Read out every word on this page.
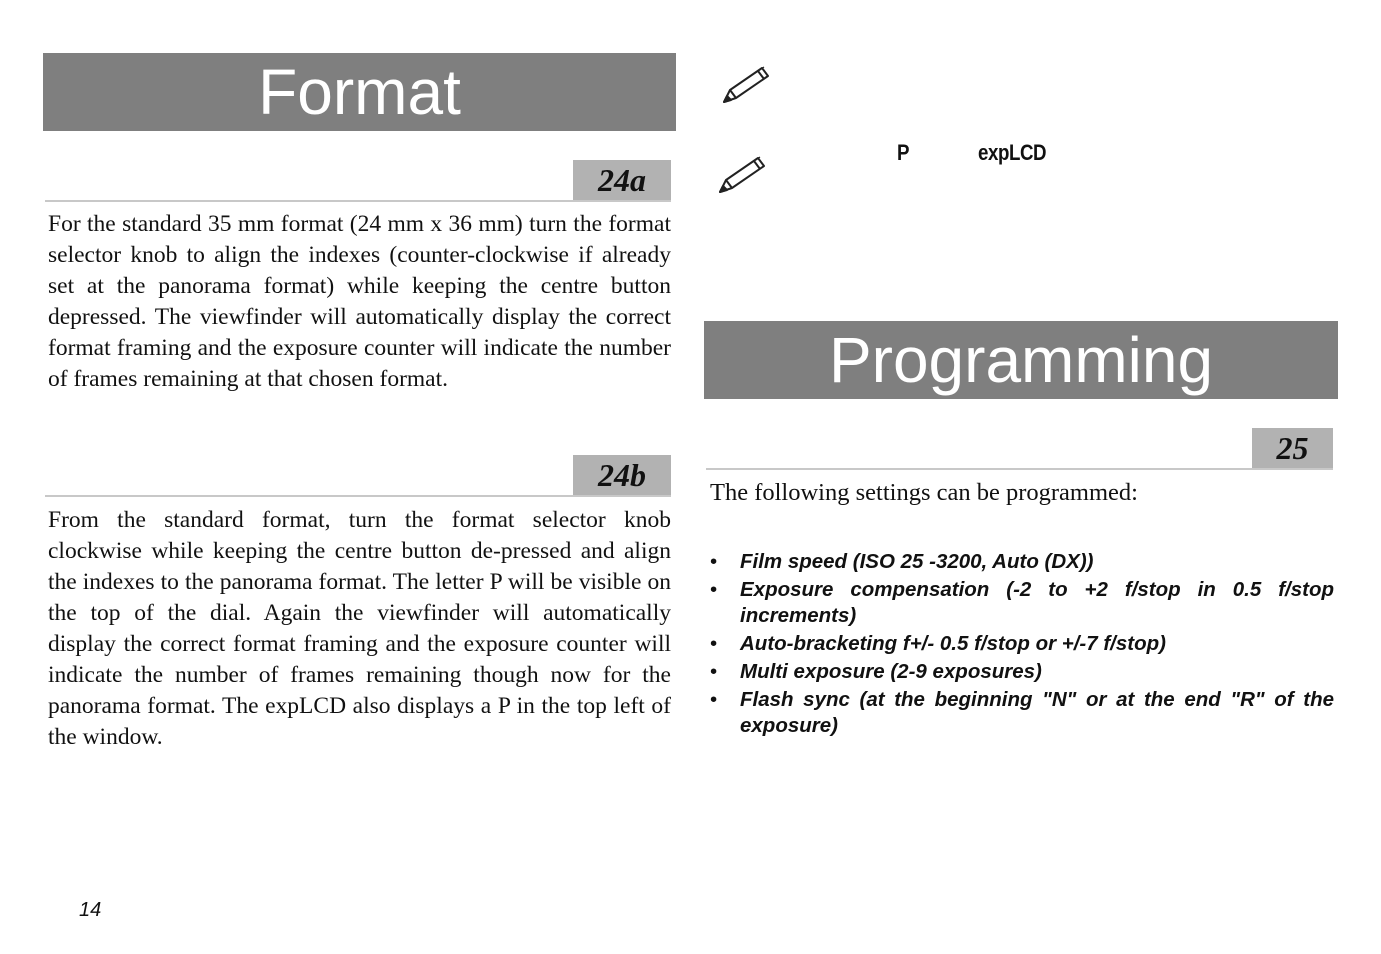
Format
24a

For the standard 35 mm format (24 mm x 36 mm) turn the format selector knob to align the indexes (counter-clockwise if already set at the panorama format) while keeping the centre button depressed. The viewfinder will automatically display the correct format framing and the exposure counter will indicate the number of frames remaining at that chosen format.

24b

From the standard format, turn the format selector knob clockwise while keeping the centre button de-pressed and align the indexes to the panorama format. The letter P will be visible on the top of the dial. Again the viewfinder will automatically display the correct format framing and the exposure counter will indicate the number of frames remaining though now for the panorama format. The expLCD also displays a P in the top left of the window.

14
P	expLCD
Programming
25

The following settings can be programmed:

• Film speed (ISO 25 -3200, Auto (DX))
• Exposure compensation (-2 to +2 f/stop in 0.5 f/stop increments)
• Auto-bracketing f+/- 0.5 f/stop or +/-7 f/stop)
• Multi exposure (2-9 exposures)
• Flash sync (at the beginning "N" or at the end "R" of the exposure)
